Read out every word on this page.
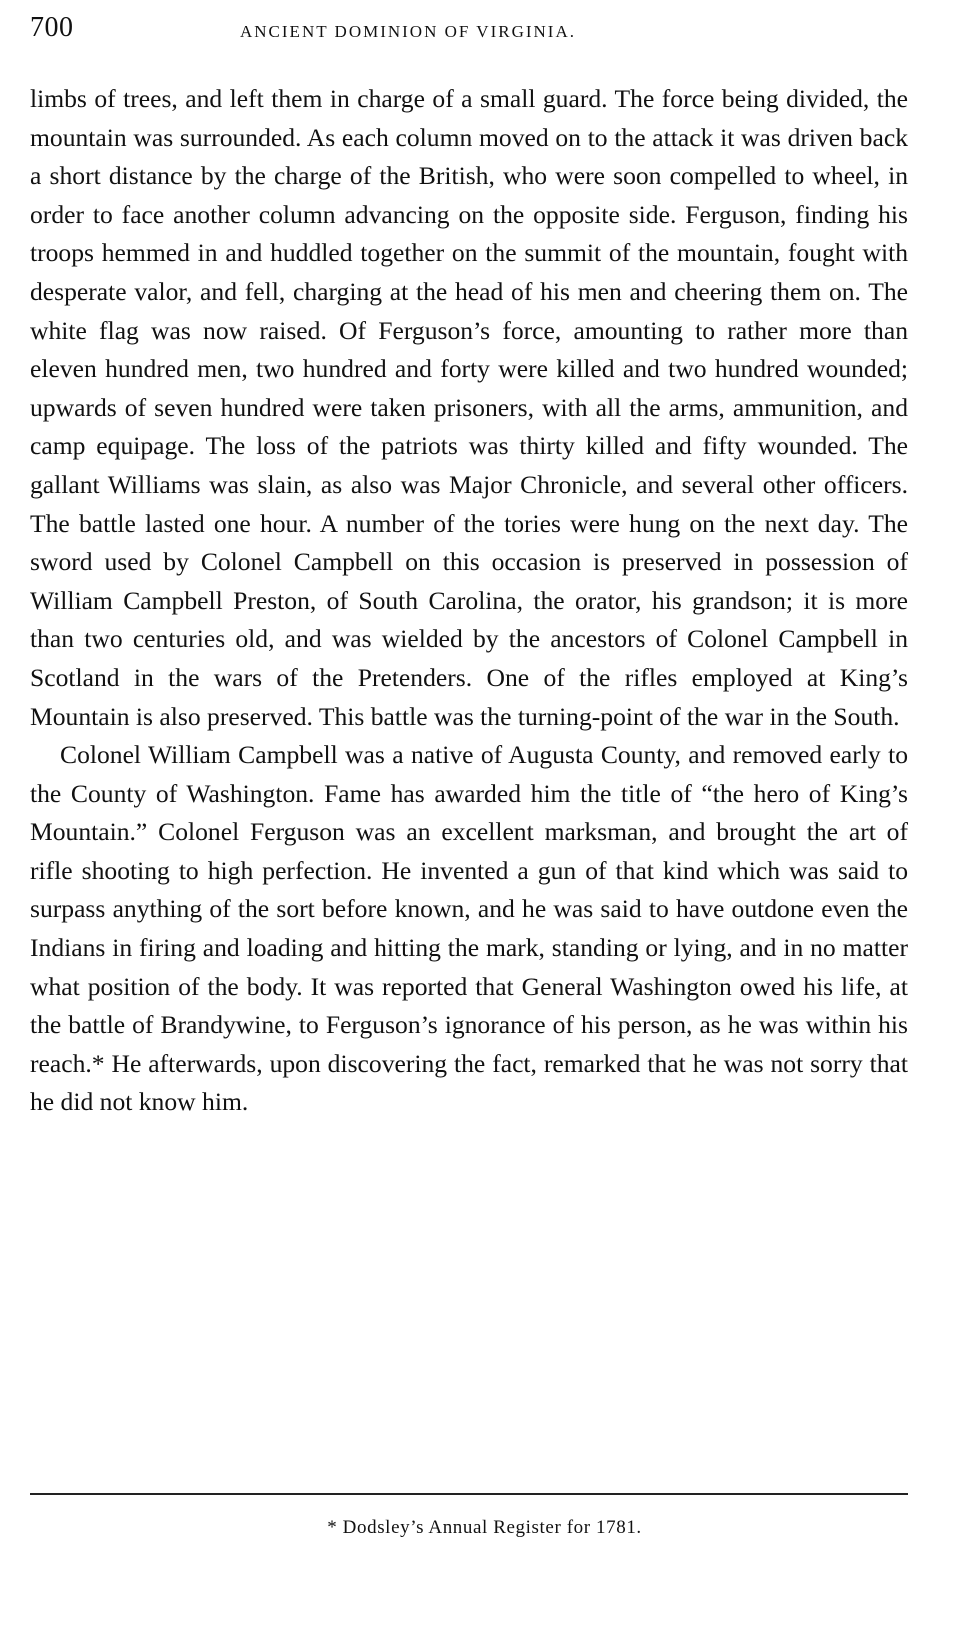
700	ANCIENT DOMINION OF VIRGINIA.

limbs of trees, and left them in charge of a small guard. The force being divided, the mountain was surrounded. As each column moved on to the attack it was driven back a short distance by the charge of the British, who were soon compelled to wheel, in order to face another column advancing on the opposite side. Ferguson, finding his troops hemmed in and huddled together on the summit of the mountain, fought with desperate valor, and fell, charging at the head of his men and cheering them on. The white flag was now raised. Of Ferguson’s force, amounting to rather more than eleven hundred men, two hundred and forty were killed and two hundred wounded; upwards of seven hundred were taken prisoners, with all the arms, ammunition, and camp equipage. The loss of the patriots was thirty killed and fifty wounded. The gallant Williams was slain, as also was Major Chronicle, and several other officers. The battle lasted one hour. A number of the tories were hung on the next day. The sword used by Colonel Campbell on this occasion is preserved in possession of William Campbell Preston, of South Carolina, the orator, his grandson; it is more than two centuries old, and was wielded by the ancestors of Colonel Campbell in Scotland in the wars of the Pretenders. One of the rifles employed at King’s Mountain is also preserved. This battle was the turning-point of the war in the South.

Colonel William Campbell was a native of Augusta County, and removed early to the County of Washington. Fame has awarded him the title of “the hero of King’s Mountain.” Colonel Ferguson was an excellent marksman, and brought the art of rifle shooting to high perfection. He invented a gun of that kind which was said to surpass anything of the sort before known, and he was said to have outdone even the Indians in firing and loading and hitting the mark, standing or lying, and in no matter what position of the body. It was reported that General Washington owed his life, at the battle of Brandywine, to Ferguson’s ignorance of his person, as he was within his reach.* He afterwards, upon discovering the fact, remarked that he was not sorry that he did not know him.

* Dodsley’s Annual Register for 1781.
